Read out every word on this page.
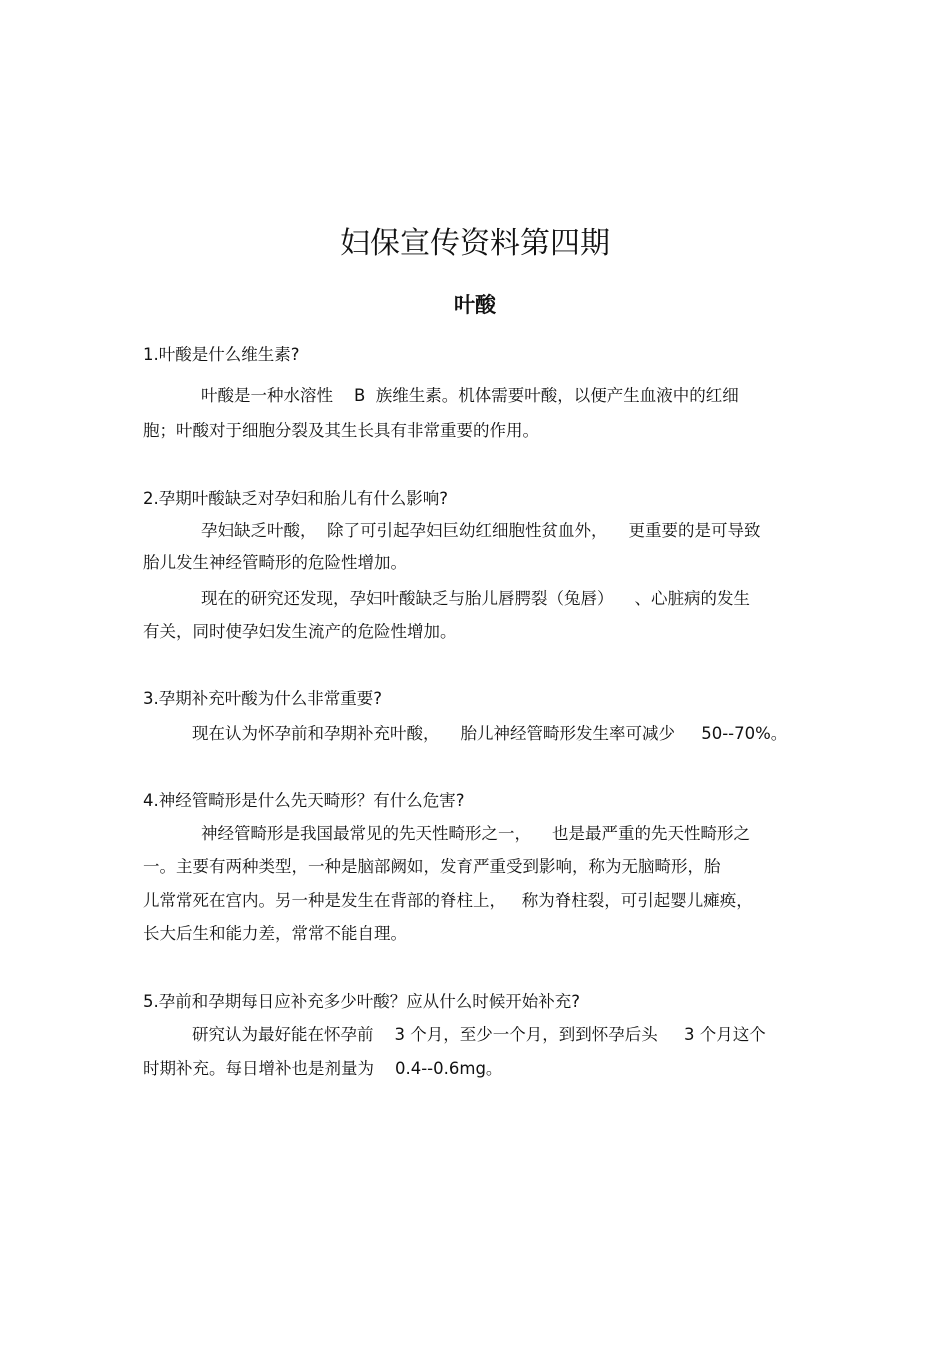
妇保宣传资料第四期
叶酸

1.叶酸是什么维生素?

叶酸是一种水溶性    B  族维生素。机体需要叶酸，以便产生血液中的红细

胞；叶酸对于细胞分裂及其生长具有非常重要的作用。

2.孕期叶酸缺乏对孕妇和胎儿有什么影响?

孕妇缺乏叶酸，  除了可引起孕妇巨幼红细胞性贫血外，    更重要的是可导致

胎儿发生神经管畸形的危险性增加。

现在的研究还发现，孕妇叶酸缺乏与胎儿唇腭裂（兔唇）    、心脏病的发生

有关，同时使孕妇发生流产的危险性增加。

3.孕期补充叶酸为什么非常重要?

现在认为怀孕前和孕期补充叶酸，    胎儿神经管畸形发生率可减少     50--70%。

4.神经管畸形是什么先天畸形？有什么危害?

神经管畸形是我国最常见的先天性畸形之一，    也是最严重的先天性畸形之

一。主要有两种类型，一种是脑部阙如，发育严重受到影响，称为无脑畸形，胎

儿常常死在宫内。另一种是发生在背部的脊柱上，   称为脊柱裂，可引起婴儿瘫痪，

长大后生和能力差，常常不能自理。

5.孕前和孕期每日应补充多少叶酸？应从什么时候开始补充?

研究认为最好能在怀孕前    3 个月，至少一个月，到到怀孕后头     3 个月这个

时期补充。每日增补也是剂量为    0.4--0.6mg。
